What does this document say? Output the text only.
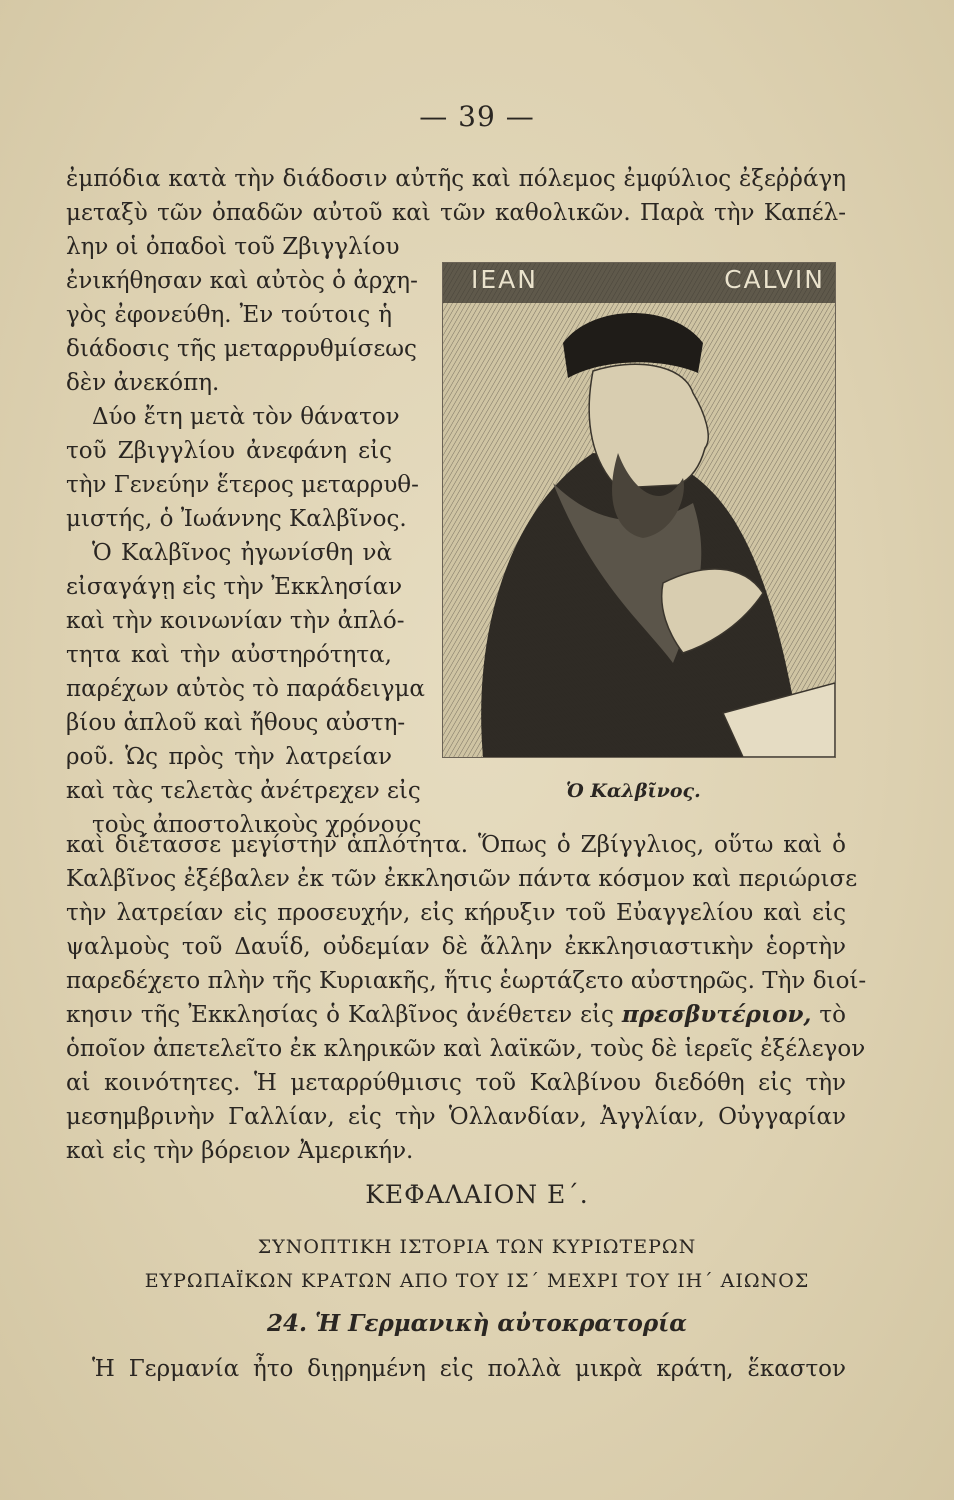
— 39 —
ἐμπόδια κατὰ τὴν διάδοσιν αὐτῆς καὶ πόλεμος ἐμφύλιος ἐξεῤῥάγη
μεταξὺ τῶν ὀπαδῶν αὐτοῦ καὶ τῶν καθολικῶν. Παρὰ τὴν Καπέλ-
λην οἱ ὀπαδοὶ τοῦ Ζβιγγλίου
ἐνικήθησαν καὶ αὐτὸς ὁ ἀρχη-
γὸς ἐφονεύθη. Ἐν τούτοις ἡ
διάδοσις τῆς μεταρρυθμίσεως
δὲν ἀνεκόπη.
Δύο ἔτη μετὰ τὸν θάνατον
τοῦ Ζβιγγλίου ἀνεφάνη εἰς
τὴν Γενεύην ἕτερος μεταρρυθ-
μιστής, ὁ Ἰωάννης Καλβῖνος.
Ὁ Καλβῖνος ἠγωνίσθη νὰ
εἰσαγάγῃ εἰς τὴν Ἐκκλησίαν
καὶ τὴν κοινωνίαν τὴν ἀπλό-
τητα καὶ τὴν αὐστηρότητα,
παρέχων αὐτὸς τὸ παράδειγμα
βίου ἁπλοῦ καὶ ἤθους αὐστη-
ροῦ. Ὡς πρὸς τὴν λατρείαν
καὶ τὰς τελετὰς ἀνέτρεχεν εἰς
τοὺς ἀποστολικοὺς χρόνους
IEAN	CALVIN
Ὁ Καλβῖνος.
καὶ διέτασσε μεγίστην ἁπλότητα. Ὅπως ὁ Ζβίγγλιος, οὕτω καὶ ὁ
Καλβῖνος ἐξέβαλεν ἐκ τῶν ἐκκλησιῶν πάντα κόσμον καὶ περιώρισε
τὴν λατρείαν εἰς προσευχήν, εἰς κήρυξιν τοῦ Εὐαγγελίου καὶ εἰς
ψαλμοὺς τοῦ Δαυΐδ, οὐδεμίαν δὲ ἄλλην ἐκκλησιαστικὴν ἑορτὴν
παρεδέχετο πλὴν τῆς Κυριακῆς, ἥτις ἑωρτάζετο αὐστηρῶς. Τὴν διοί-
κησιν τῆς Ἐκκλησίας ὁ Καλβῖνος ἀνέθετεν εἰς πρεσβυτέριον, τὸ
ὁποῖον ἀπετελεῖτο ἐκ κληρικῶν καὶ λαϊκῶν, τοὺς δὲ ἱερεῖς ἐξέλεγον
αἱ κοινότητες. Ἡ μεταρρύθμισις τοῦ Καλβίνου διεδόθη εἰς τὴν
μεσημβρινὴν Γαλλίαν, εἰς τὴν Ὁλλανδίαν, Ἀγγλίαν, Οὐγγαρίαν
καὶ εἰς τὴν βόρειον Ἀμερικήν.
ΚΕΦΑΛΑΙΟΝ Ε΄.
ΣΥΝΟΠΤΙΚΗ ΙΣΤΟΡΙΑ ΤΩΝ ΚΥΡΙΩΤΕΡΩΝ
ΕΥΡΩΠΑΪΚΩΝ ΚΡΑΤΩΝ ΑΠΟ ΤΟΥ ΙΣ΄ ΜΕΧΡΙ ΤΟΥ ΙΗ΄ ΑΙΩΝΟΣ
24. Ἡ Γερμανικὴ αὐτοκρατορία
Ἡ Γερμανία ἦτο διῃρημένη εἰς πολλὰ μικρὰ κράτη, ἕκαστον
